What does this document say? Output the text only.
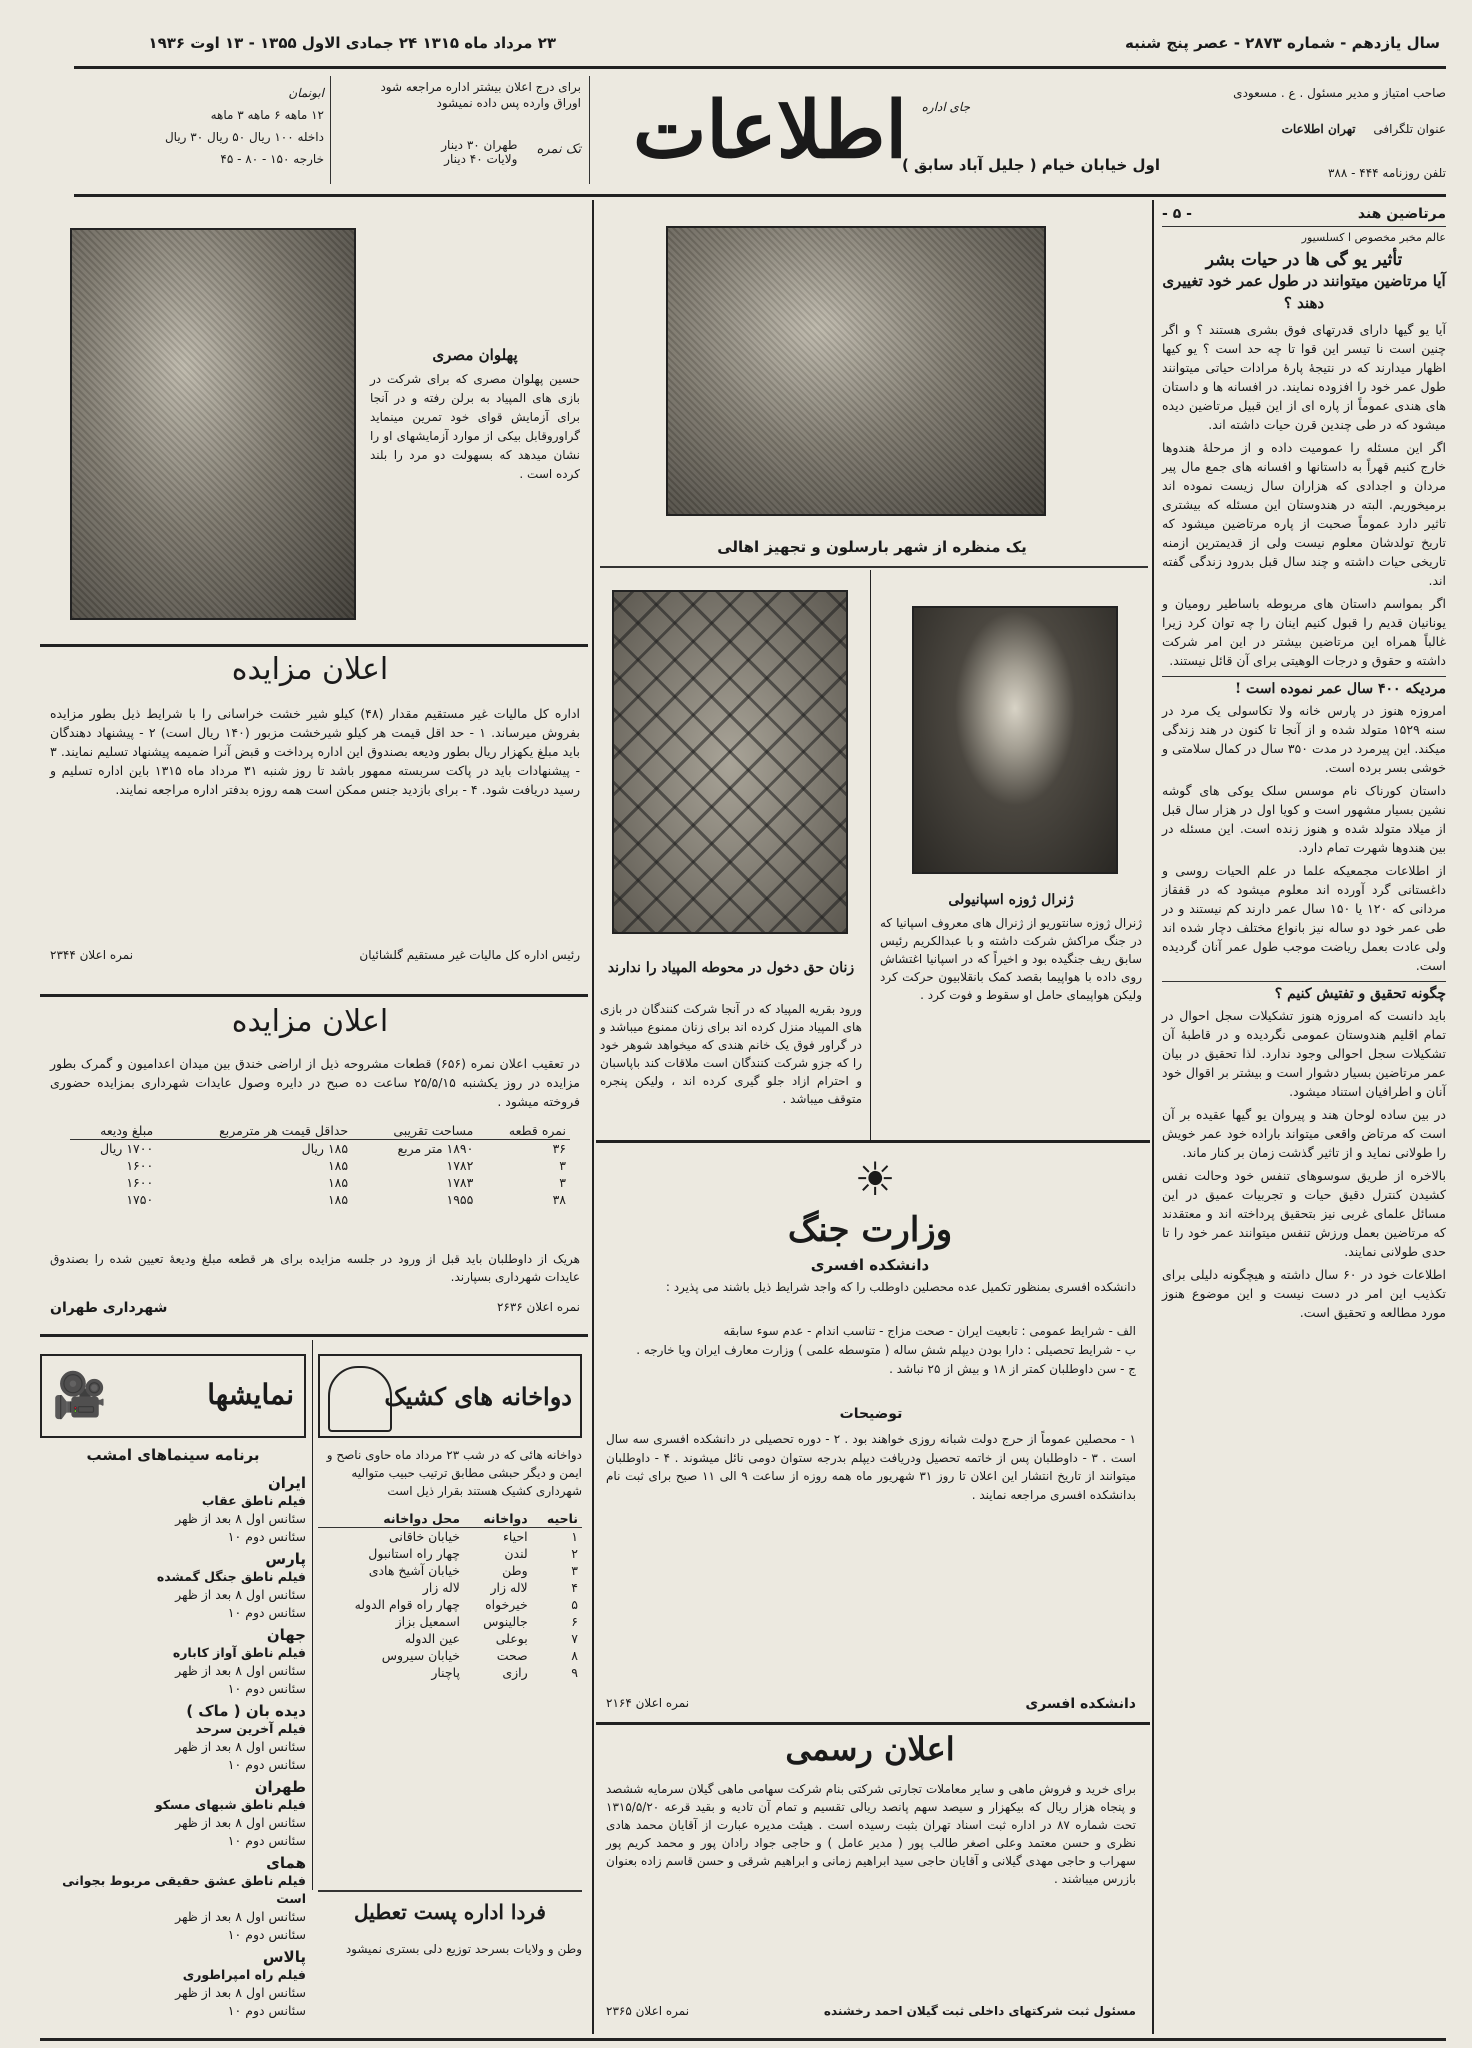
سال یازدهم - شماره ۲۸۷۳ - عصر پنج شنبه
۲۳ مرداد ماه ۱۳۱۵ ۲۴ جمادی الاول ۱۳۵۵ - ۱۳ اوت ۱۹۳۶
صاحب امتیاز و مدیر مسئول . ع . مسعودی
عنوان تلگرافی تهران اطلاعات
تلفن روزنامه ۴۴۴ - ۳۸۸
جای اداره
اول خیابان خیام ( جلیل آباد سابق )
اطلاعات
برای درج اعلان بیشتر اداره مراجعه شود
اوراق وارده پس داده نمیشود
تک نمره
طهران ۳۰ دینار
ولایات ۴۰ دینار
ابونمان
۱۲ ماهه ۶ ماهه ۳ ماهه
داخله ۱۰۰ ریال ۵۰ ریال ۳۰ ریال
خارجه ۱۵۰ - ۸۰ - ۴۵
مرتاضین هند
- ۵ -
عالم مخبر مخصوص ا کسلسیور
تأثیر یو گی ها در حیات بشر
آیا مرتاضین میتوانند در طول عمر خود تغییری دهند ؟

آیا یو گیها دارای قدرتهای فوق بشری هستند ؟ و اگر چنین است نا تیسر این قوا تا چه حد است ؟ یو کیها اظهار میدارند که در نتیجهٔ پارهٔ مرادات حیاتی میتوانند طول عمر خود را افزوده نمایند. در افسانه ها و داستان های هندی عموماً از پاره ای از این قبیل مرتاضین دیده میشود که در طی چندین قرن حیات داشته اند.

اگر این مسئله را عمومیت داده و از مرحلهٔ هندوها خارج کنیم قهراً به داستانها و افسانه های جمع مال پیر مردان و اجدادی که هزاران سال زیست نموده اند برمیخوریم. البته در هندوستان این مسئله که بیشتری تاثیر دارد عموماً صحبت از پاره مرتاضین میشود که تاریخ تولدشان معلوم نیست ولی از قدیمترین ازمنه تاریخی حیات داشته و چند سال قبل بدرود زندگی گفته اند.

اگر بمواسم داستان های مربوطه باساطیر رومیان و یونانیان قدیم را قبول کنیم اینان را چه توان کرد زیرا غالباً همراه این مرتاضین بیشتر در این امر شرکت داشته و حقوق و درجات الوهیتی برای آن قائل نیستند.

مردیکه ۴۰۰ سال عمر نموده است !

امروزه هنوز در پارس خانه ولا تکاسولی یک مرد در سنه ۱۵۲۹ متولد شده و از آنجا تا کنون در هند زندگی میکند. این پیرمرد در مدت ۳۵۰ سال در کمال سلامتی و خوشی بسر برده است.

داستان کورناک نام موسس سلک یوکی های گوشه نشین بسیار مشهور است و کویا اول در هزار سال قبل از میلاد متولد شده و هنوز زنده است. این مسئله در بین هندوها شهرت تمام دارد.

از اطلاعات مجمعیکه علما در علم الحیات روسی و داغستانی گرد آورده اند معلوم میشود که در قفقاز مردانی که ۱۲۰ یا ۱۵۰ سال عمر دارند کم نیستند و در طی عمر خود دو ساله نیز بانواع مختلف دچار شده اند ولی عادت بعمل ریاضت موجب طول عمر آنان گردیده است.

چگونه تحقیق و تفتیش کنیم ؟

باید دانست که امروزه هنوز تشکیلات سجل احوال در تمام اقلیم هندوستان عمومی نگردیده و در قاطبهٔ آن تشکیلات سجل احوالی وجود ندارد. لذا تحقیق در بیان عمر مرتاضین بسیار دشوار است و بیشتر بر اقوال خود آنان و اطرافیان استناد میشود.

در بین ساده لوحان هند و پیروان یو گیها عقیده بر آن است که مرتاض واقعی میتواند باراده خود عمر خویش را طولانی نماید و از تاثیر گذشت زمان بر کنار ماند.

بالاخره از طریق سوسوهای تنفس خود وحالت نفس کشیدن کنترل دقیق حیات و تجربیات عمیق در این مسائل علمای غربی نیز بتحقیق پرداخته اند و معتقدند که مرتاضین بعمل ورزش تنفس میتوانند عمر خود را تا حدی طولانی نمایند.

اطلاعات خود در ۶۰ سال داشته و هیچگونه دلیلی برای تکذیب این امر در دست نیست و این موضوع هنوز مورد مطالعه و تحقیق است.

یک منظره از شهر بارسلون و تجهیز اهالی
ژنرال ژوزه اسپانیولی

ژنرال ژوزه سانتوریو از ژنرال های معروف اسپانیا که در جنگ مراکش شرکت داشته و با عبدالکریم رئیس سابق ریف جنگیده بود و اخیراً که در اسپانیا اغتشاش روی داده با هواپیما بقصد کمک بانقلابیون حرکت کرد ولیکن هواپیمای حامل او سقوط و فوت کرد .

زنان حق دخول در محوطه المپیاد را ندارند

ورود بقریه المپیاد که در آنجا شرکت کنندگان در بازی های المپیاد منزل کرده اند برای زنان ممنوع میباشد و در گراور فوق یک خانم هندی که میخواهد شوهر خود را که جزو شرکت کنندگان است ملاقات کند باپاسبان و احترام ازاد جلو گیری کرده اند ، ولیکن پنجره متوقف میباشد .

☀
وزارت جنگ
دانشکده افسری

دانشکده افسری بمنظور تکمیل عده محصلین داوطلب را که واجد شرایط ذیل باشند می پذیرد :

الف - شرایط عمومی : تابعیت ایران - صحت مزاج - تناسب اندام - عدم سوء سابقه
ب - شرایط تحصیلی : دارا بودن دیپلم شش ساله ( متوسطه علمی ) وزارت معارف ایران ویا خارجه .
ج - سن داوطلبان کمتر از ۱۸ و بیش از ۲۵ نباشد .
توضیحات

۱ - محصلین عموماً از حرج دولت شبانه روزی خواهند بود . ۲ - دوره تحصیلی در دانشکده افسری سه سال است . ۳ - داوطلبان پس از خاتمه تحصیل ودریافت دیپلم بدرجه ستوان دومی نائل میشوند . ۴ - داوطلبان میتوانند از تاریخ انتشار این اعلان تا روز ۳۱ شهریور ماه همه روزه از ساعت ۹ الی ۱۱ صبح برای ثبت نام بدانشکده افسری مراجعه نمایند .

دانشکده افسری
نمره اعلان ۲۱۶۴
اعلان رسمی

برای خرید و فروش ماهی و سایر معاملات تجارتی شرکتی بنام شرکت سهامی ماهی گیلان سرمایه ششصد و پنجاه هزار ریال که بیکهزار و سیصد سهم پانصد ریالی تقسیم و تمام آن تادیه و بقید قرعه ۱۳۱۵/۵/۲۰ تحت شماره ۸۷ در اداره ثبت اسناد تهران بثبت رسیده است . هیئت مدیره عبارت از آقایان محمد هادی نظری و حسن معتمد وعلی اصغر طالب پور ( مدیر عامل ) و حاجی جواد رادان پور و محمد کریم پور سهراب و حاجی مهدی گیلانی و آقایان حاجی سید ابراهیم زمانی و ابراهیم شرقی و حسن قاسم زاده بعنوان بازرس میباشند .

مسئول ثبت شرکتهای داخلی ثبت گیلان احمد رخشنده
نمره اعلان ۲۳۶۵
پهلوان مصری

حسین پهلوان مصری که برای شرکت در بازی های المپیاد به برلن رفته و در آنجا برای آزمایش قوای خود تمرین مینماید گراوروقابل بیکی از موارد آزمایشهای او را نشان میدهد که بسهولت دو مرد را بلند کرده است .

اعلان مزایده

اداره کل مالیات غیر مستقیم مقدار (۴۸) کیلو شیر خشت خراسانی را با شرایط ذیل بطور مزایده بفروش میرساند. ۱ - حد اقل قیمت هر کیلو شیرخشت مزبور (۱۴۰ ریال است) ۲ - پیشنهاد دهندگان باید مبلغ یکهزار ریال بطور ودیعه بصندوق این اداره پرداخت و قبض آنرا ضمیمه پیشنهاد تسلیم نمایند. ۳ - پیشنهادات باید در پاکت سربسته ممهور باشد تا روز شنبه ۳۱ مرداد ماه ۱۳۱۵ باین اداره تسلیم و رسید دریافت شود. ۴ - برای بازدید جنس ممکن است همه روزه بدفتر اداره مراجعه نمایند.

رئیس اداره کل مالیات غیر مستقیم گلشائیان
نمره اعلان ۲۳۴۴
اعلان مزایده

در تعقیب اعلان نمره (۶۵۶) قطعات مشروحه ذیل از اراضی خندق بین میدان اعدامیون و گمرک بطور مزایده در روز یکشنبه ۲۵/۵/۱۵ ساعت ده صبح در دایره وصول عایدات شهرداری بمزایده حضوری فروخته میشود .

نمره قطعه	مساحت تقریبی	حداقل قیمت هر مترمربع	مبلغ ودیعه
۳۶	۱۸۹۰ متر مربع	۱۸۵ ریال	۱۷۰۰ ریال
۳	۱۷۸۲	۱۸۵	۱۶۰۰
۳	۱۷۸۳	۱۸۵	۱۶۰۰
۳۸	۱۹۵۵	۱۸۵	۱۷۵۰

هریک از داوطلبان باید قبل از ورود در جلسه مزایده برای هر قطعه مبلغ ودیعهٔ تعیین شده را بصندوق عایدات شهرداری بسپارند.

نمره اعلان ۲۶۳۶
شهرداری طهران
دواخانه های کشیک

دواخانه هائی که در شب ۲۳ مرداد ماه حاوی ناصح و ایمن و دیگر حبشی مطابق ترتیب حبیب متوالیه شهرداری کشیک هستند بقرار ذیل است

ناحیه	دواخانه	محل دواخانه
۱	احیاء	خیابان خاقانی
۲	لندن	چهار راه استانبول
۳	وطن	خیابان آشیخ هادی
۴	لاله زار	لاله زار
۵	خیرخواه	چهار راه قوام الدوله
۶	جالینوس	اسمعیل بزاز
۷	بوعلی	عین الدوله
۸	صحت	خیابان سیروس
۹	رازی	پاچنار
نمایشها
🎥
برنامه سینماهای امشب
ایران
فیلم ناطق عقاب
سئانس اول ۸ بعد از ظهر
سئانس دوم ۱۰
پارس
فیلم ناطق جنگل گمشده
سئانس اول ۸ بعد از ظهر
سئانس دوم ۱۰
جهان
فیلم ناطق آواز کاباره
سئانس اول ۸ بعد از ظهر
سئانس دوم ۱۰
دیده بان ( ماک )
فیلم آخرین سرحد
سئانس اول ۸ بعد از ظهر
سئانس دوم ۱۰
طهران
فیلم ناطق شبهای مسکو
سئانس اول ۸ بعد از ظهر
سئانس دوم ۱۰
همای
فیلم ناطق عشق حقیقی مربوط بجوانی است
سئانس اول ۸ بعد از ظهر
سئانس دوم ۱۰
پالاس
فیلم راه امپراطوری
سئانس اول ۸ بعد از ظهر
سئانس دوم ۱۰
فردا اداره پست تعطیل
وطن و ولایات بسرحد توزیع دلی بستری نمیشود
